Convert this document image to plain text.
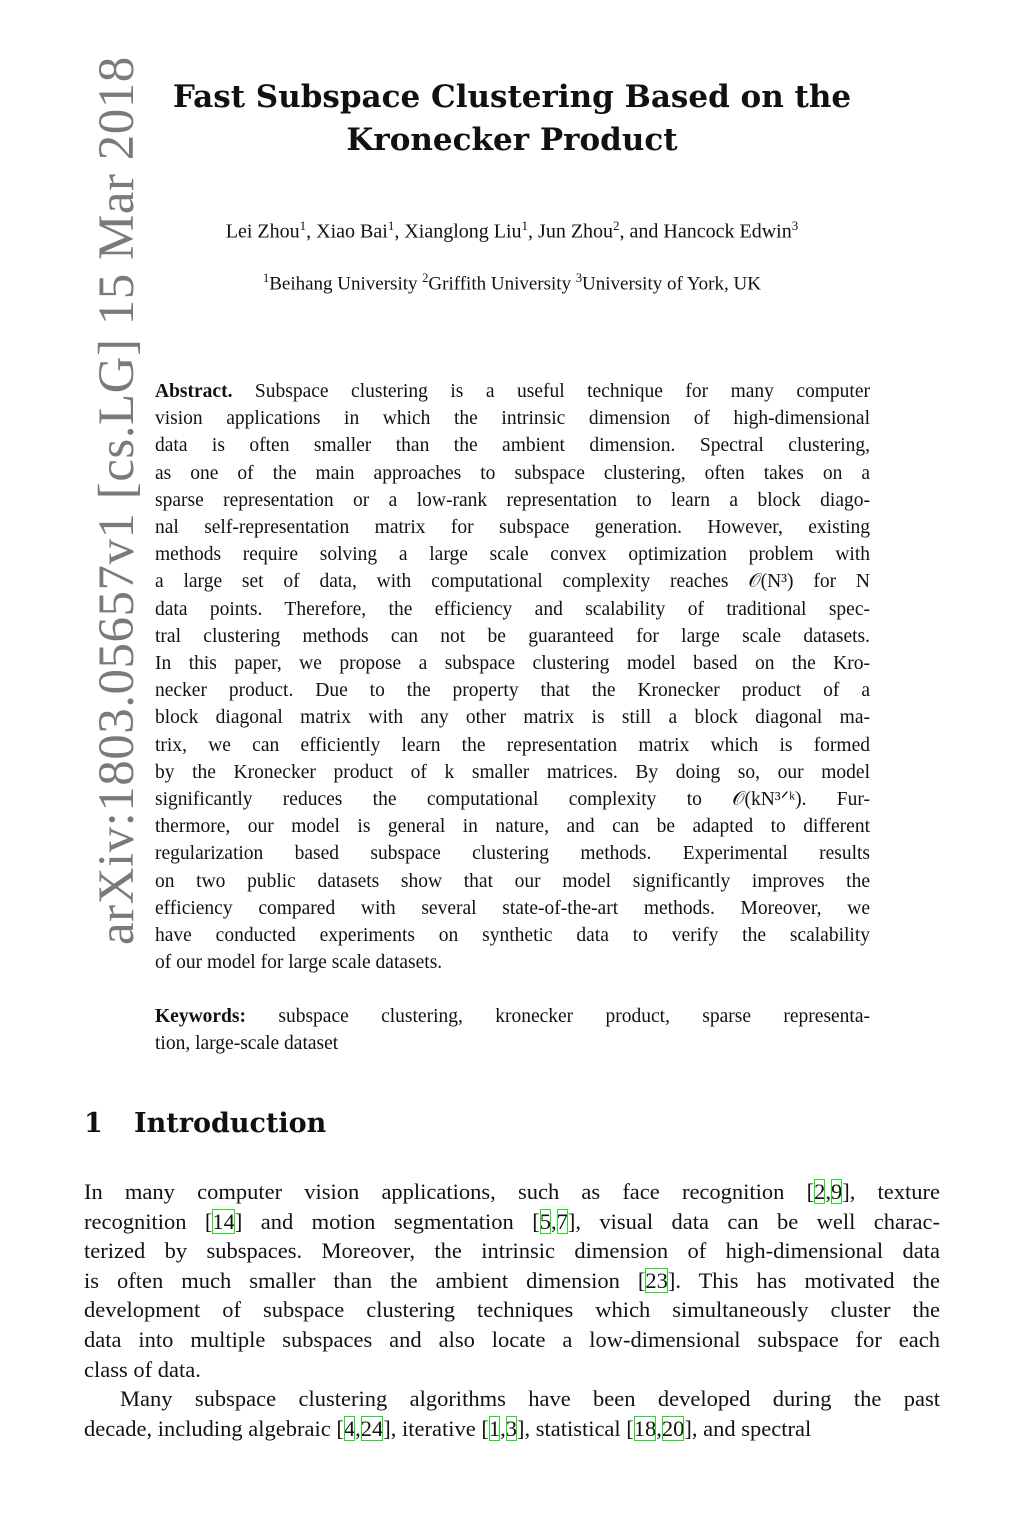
arXiv:1803.05657v1 [cs.LG] 15 Mar 2018 Fast Subspace Clustering Based on the
Kronecker Product
Lei Zhou$^1$, Xiao Bai$^1$, Xianglong Liu$^1$, Jun Zhou$^2$, and Hancock Edwin$^3$
$^1$Beihang University $^2$Griffith University $^3$University of York, UK
Abstract. Subspace clustering is a useful technique for many computer
vision applications in which the intrinsic dimension of high-dimensional
data is often smaller than the ambient dimension. Spectral clustering,
as one of the main approaches to subspace clustering, often takes on a
sparse representation or a low-rank representation to learn a block diago-
nal self-representation matrix for subspace generation. However, existing
methods require solving a large scale convex optimization problem with
a large set of data, with computational complexity reaches 𝒪(N³) for N
data points. Therefore, the efficiency and scalability of traditional spec-
tral clustering methods can not be guaranteed for large scale datasets.
In this paper, we propose a subspace clustering model based on the Kro-
necker product. Due to the property that the Kronecker product of a
block diagonal matrix with any other matrix is still a block diagonal ma-
trix, we can efficiently learn the representation matrix which is formed
by the Kronecker product of k smaller matrices. By doing so, our model
significantly reduces the computational complexity to 𝒪(kN³ᐟᵏ). Fur-
thermore, our model is general in nature, and can be adapted to different
regularization based subspace clustering methods. Experimental results
on two public datasets show that our model significantly improves the
efficiency compared with several state-of-the-art methods. Moreover, we
have conducted experiments on synthetic data to verify the scalability
of our model for large scale datasets.
Keywords: subspace clustering, kronecker product, sparse representa-
tion, large-scale dataset
1 Introduction
In many computer vision applications, such as face recognition [2,9], texture
recognition [14] and motion segmentation [5,7], visual data can be well charac-
terized by subspaces. Moreover, the intrinsic dimension of high-dimensional data
is often much smaller than the ambient dimension [23]. This has motivated the
development of subspace clustering techniques which simultaneously cluster the
data into multiple subspaces and also locate a low-dimensional subspace for each
class of data.
Many subspace clustering algorithms have been developed during the past
decade, including algebraic [4,24], iterative [1,3], statistical [18,20], and spectral
